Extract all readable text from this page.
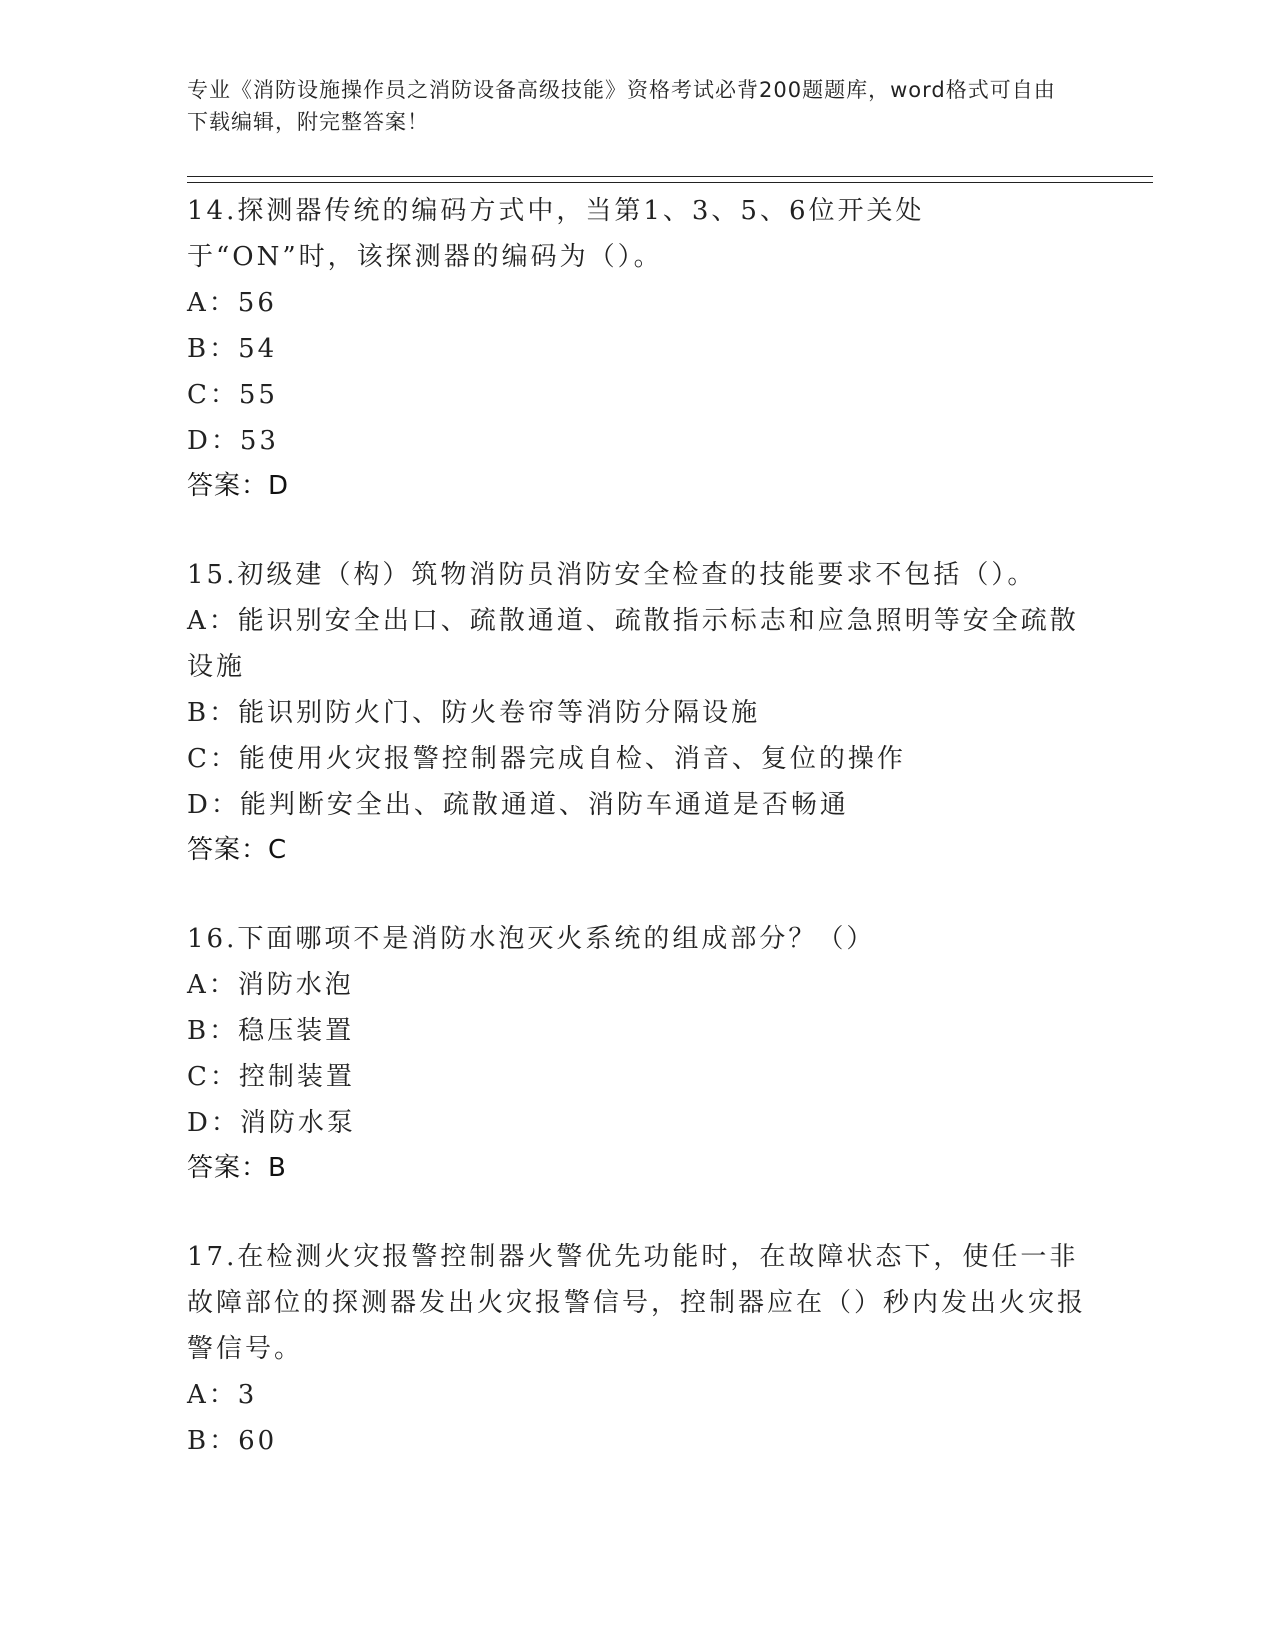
专业《消防设施操作员之消防设备高级技能》资格考试必背200题题库，word格式可自由下载编辑，附完整答案！

14.探测器传统的编码方式中，当第1、3、5、6位开关处于“ON”时，该探测器的编码为（）。

A：56

B：54

C：55

D：53

答案：D

15.初级建（构）筑物消防员消防安全检查的技能要求不包括（）。

A：能识别安全出口、疏散通道、疏散指示标志和应急照明等安全疏散设施

B：能识别防火门、防火卷帘等消防分隔设施

C：能使用火灾报警控制器完成自检、消音、复位的操作

D：能判断安全出、疏散通道、消防车通道是否畅通

答案：C

16.下面哪项不是消防水泡灭火系统的组成部分？（）

A：消防水泡

B：稳压装置

C：控制装置

D：消防水泵

答案：B

17.在检测火灾报警控制器火警优先功能时，在故障状态下，使任一非故障部位的探测器发出火灾报警信号，控制器应在（）秒内发出火灾报警信号。

A：3

B：60
